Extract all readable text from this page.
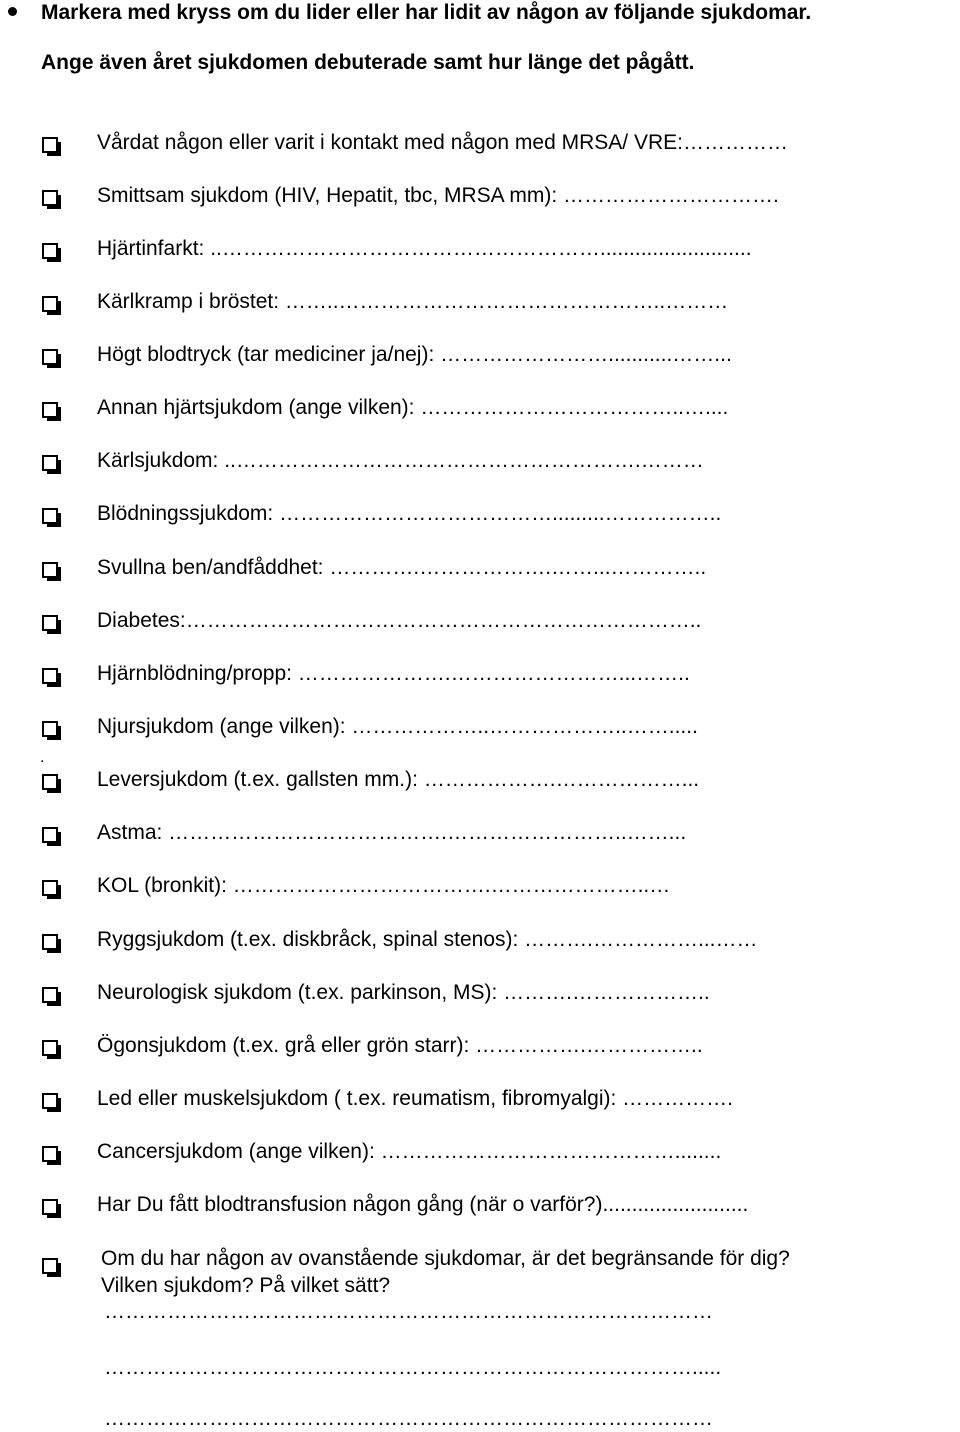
Markera med kryss om du lider eller har lidit av någon av följande sjukdomar.
Ange även året sjukdomen debuterade samt hur länge det pågått.
Vårdat någon eller varit i kontakt med någon med MRSA/ VRE:……………
Smittsam sjukdom (HIV, Hepatit, tbc, MRSA mm): ………………………….
Hjärtinfarkt: ..………………………………………………..........................
Kärlkramp i bröstet: ……..………………………………………..………
Högt blodtryck (tar mediciner ja/nej): ……………………...........……...
Annan hjärtsjukdom (ange vilken): ………………………………..…....
Kärlsjukdom: ..………………………………………………….………
Blödningssjukdom: ………………………………….........……………..
Svullna ben/andfåddhet: ………….……………….……...…………..
Diabetes:………………………………………………………………..
Hjärnblödning/propp: ………………….……………………...……..
Njursjukdom (ange vilken): ………………..………………..…….....
Leversjukdom (t.ex. gallsten mm.): ……………….………………...
Astma: ………………………………….……………………..……...
KOL (bronkit): ……………………………….…………………..…
Ryggsjukdom (t.ex. diskbråck, spinal stenos): ……….……………...……
Neurologisk sjukdom (t.ex. parkinson, MS): ……….………………..
Ögonsjukdom (t.ex. grå eller grön starr): …………….……………..
Led eller muskelsjukdom ( t.ex. reumatism, fibromyalgi): …………….
Cancersjukdom (ange vilken): ……………………………………........
Har Du fått blodtransfusion någon gång (när o varför?).........................
.
Om du har någon av ovanstående sjukdomar, är det begränsande för dig?
Vilken sjukdom? På vilket sätt?
……………………………………………………………………………
………………………………………………………………………….....
……………………………………………………………………………
